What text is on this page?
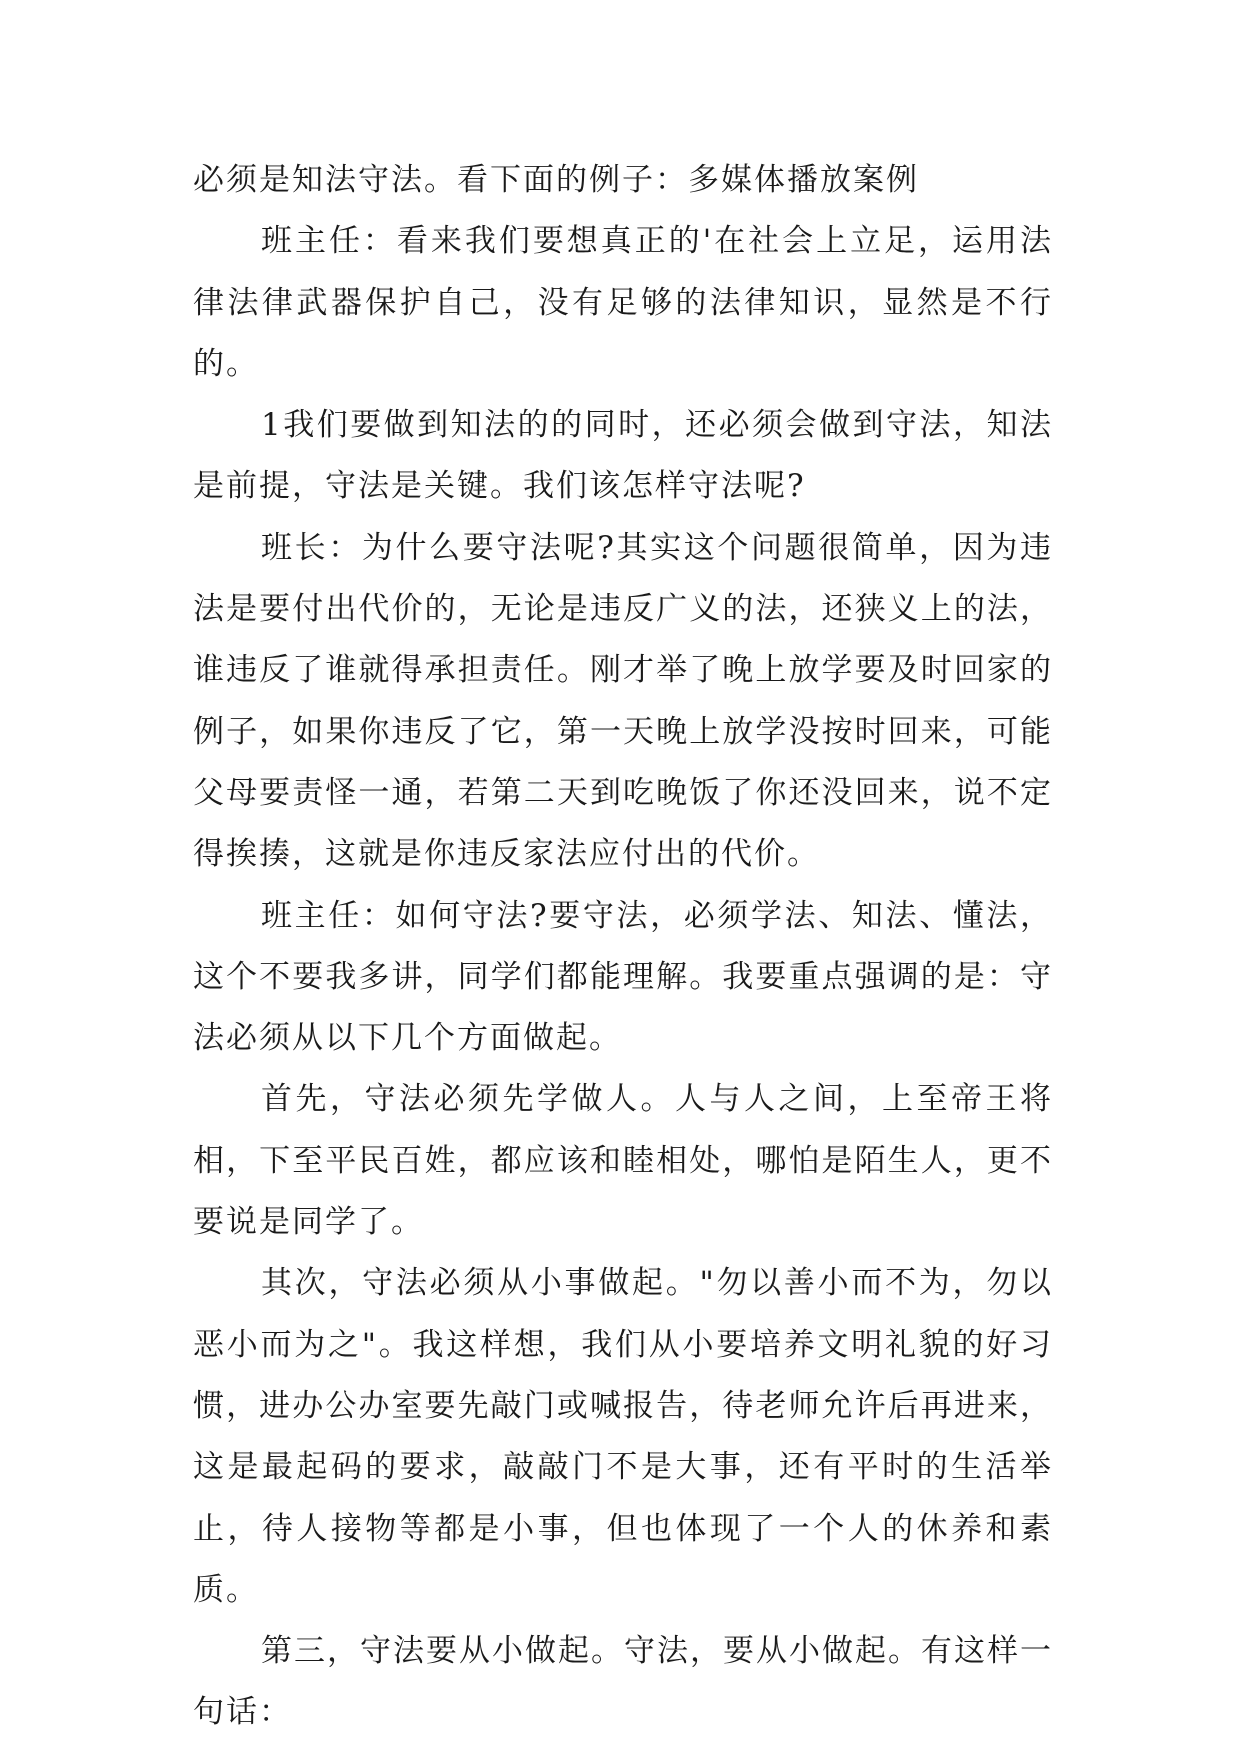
必须是知法守法。看下面的例子：多媒体播放案例

班主任：看来我们要想真正的'在社会上立足，运用法律法律武器保护自己，没有足够的法律知识，显然是不行的。

1我们要做到知法的的同时，还必须会做到守法，知法是前提，守法是关键。我们该怎样守法呢?

班长：为什么要守法呢?其实这个问题很简单，因为违法是要付出代价的，无论是违反广义的法，还狭义上的法，谁违反了谁就得承担责任。刚才举了晚上放学要及时回家的例子，如果你违反了它，第一天晚上放学没按时回来，可能父母要责怪一通，若第二天到吃晚饭了你还没回来，说不定得挨揍，这就是你违反家法应付出的代价。

班主任：如何守法?要守法，必须学法、知法、懂法，这个不要我多讲，同学们都能理解。我要重点强调的是：守法必须从以下几个方面做起。

首先，守法必须先学做人。人与人之间，上至帝王将相，下至平民百姓，都应该和睦相处，哪怕是陌生人，更不要说是同学了。

其次，守法必须从小事做起。"勿以善小而不为，勿以恶小而为之"。我这样想，我们从小要培养文明礼貌的好习惯，进办公办室要先敲门或喊报告，待老师允许后再进来，这是最起码的要求，敲敲门不是大事，还有平时的生活举止，待人接物等都是小事，但也体现了一个人的休养和素质。

第三，守法要从小做起。守法，要从小做起。有这样一句话：
